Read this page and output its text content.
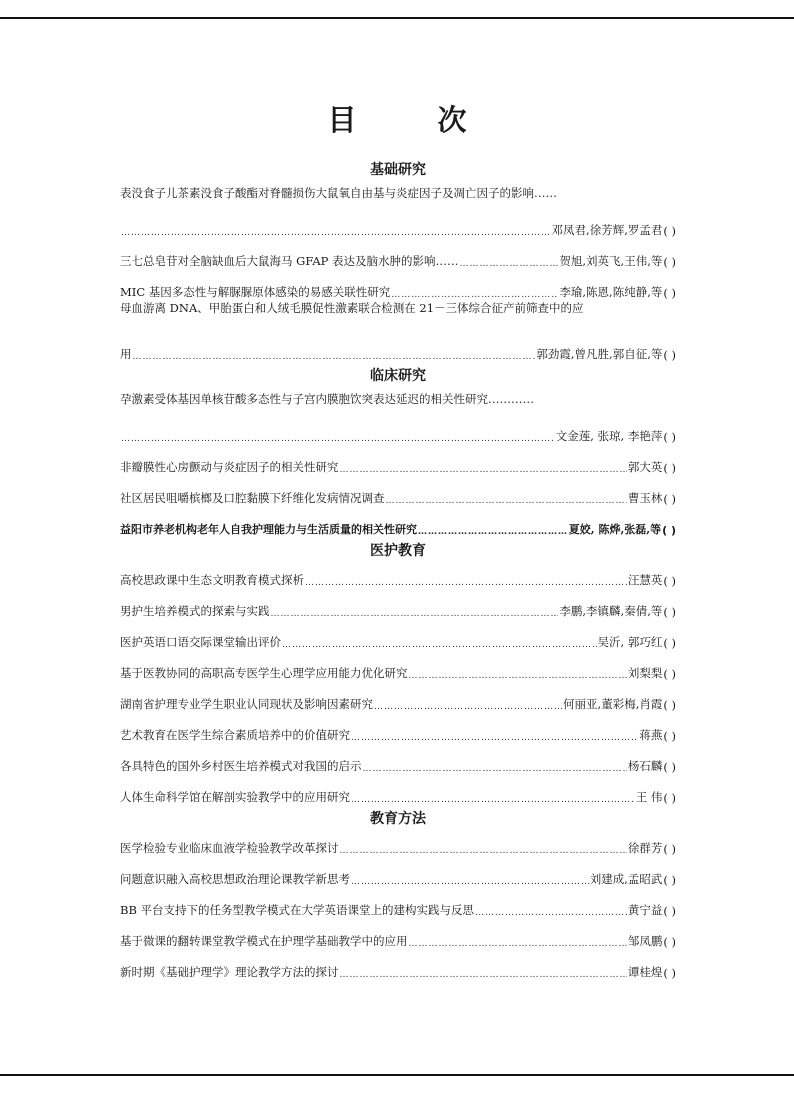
目　次
基础研究
表没食子儿茶素没食子酸酯对脊髓损伤大鼠氧自由基与炎症因子及凋亡因子的影响……
…………………………………………………………………………………………………………………………………………………………………………
邓凤君,徐芳辉,罗孟君 ( )
三七总皂苷对全脑缺血后大鼠海马 GFAP 表达及脑水肿的影响…… …………………………………………………………………………………………………………………………………………………………………………	贺旭,刘英飞,王伟,等 ( )
MIC 基因多态性与解脲脲原体感染的易感关联性研究 …………………………………………………………………………………………………………………………………………………………………………	李瑜,陈恩,陈纯静,等 ( )
母血游离 DNA、甲胎蛋白和人绒毛膜促性激素联合检测在 21－三体综合征产前筛查中的应
用 …………………………………………………………………………………………………………………………………………………………………………	郭劲霞,曾凡胜,郭自征,等 ( )
临床研究
孕激素受体基因单核苷酸多态性与子宫内膜胞饮突表达延迟的相关性研究…………
…………………………………………………………………………………………………………………………………………………………………………
文金莲, 张琼, 李艳萍 ( )
非瓣膜性心房颤动与炎症因子的相关性研究 …………………………………………………………………………………………………………………………………………………………………………	郭大英 ( )
社区居民咀嚼槟榔及口腔黏膜下纤维化发病情况调查 …………………………………………………………………………………………………………………………………………………………………………	曹玉林 ( )
益阳市养老机构老年人自我护理能力与生活质量的相关性研究 …………………………………………………………………………………………………………………………………………………………………………	夏姣, 陈烨,张磊,等 ( )
医护教育
高校思政课中生态文明教育模式探析 …………………………………………………………………………………………………………………………………………………………………………	汪慧英 ( )
男护生培养模式的探索与实践 …………………………………………………………………………………………………………………………………………………………………………	李鹏,李镇麟,秦倩,等 ( )
医护英语口语交际课堂输出评价 …………………………………………………………………………………………………………………………………………………………………………	吴沂, 郭巧红 ( )
基于医教协同的高职高专医学生心理学应用能力优化研究 …………………………………………………………………………………………………………………………………………………………………………	刘梨梨 ( )
湖南省护理专业学生职业认同现状及影响因素研究 …………………………………………………………………………………………………………………………………………………………………………	何丽亚,董彩梅,肖霞 ( )
艺术教育在医学生综合素质培养中的价值研究 …………………………………………………………………………………………………………………………………………………………………………	蒋燕 ( )
各具特色的国外乡村医生培养模式对我国的启示 …………………………………………………………………………………………………………………………………………………………………………	杨石麟 ( )
人体生命科学馆在解剖实验教学中的应用研究 …………………………………………………………………………………………………………………………………………………………………………	王 伟 ( )
教育方法
医学检验专业临床血液学检验教学改革探讨 …………………………………………………………………………………………………………………………………………………………………………	徐群芳 ( )
问题意识融入高校思想政治理论课教学新思考 …………………………………………………………………………………………………………………………………………………………………………	刘建成,孟昭武 ( )
BB 平台支持下的任务型教学模式在大学英语课堂上的建构实践与反思 …………………………………………………………………………………………………………………………………………………………………………	黄宁益 ( )
基于微课的翻转课堂教学模式在护理学基础教学中的应用 …………………………………………………………………………………………………………………………………………………………………………	邹凤鹏 ( )
新时期《基础护理学》理论教学方法的探讨 …………………………………………………………………………………………………………………………………………………………………………	谭桂煌 ( )
